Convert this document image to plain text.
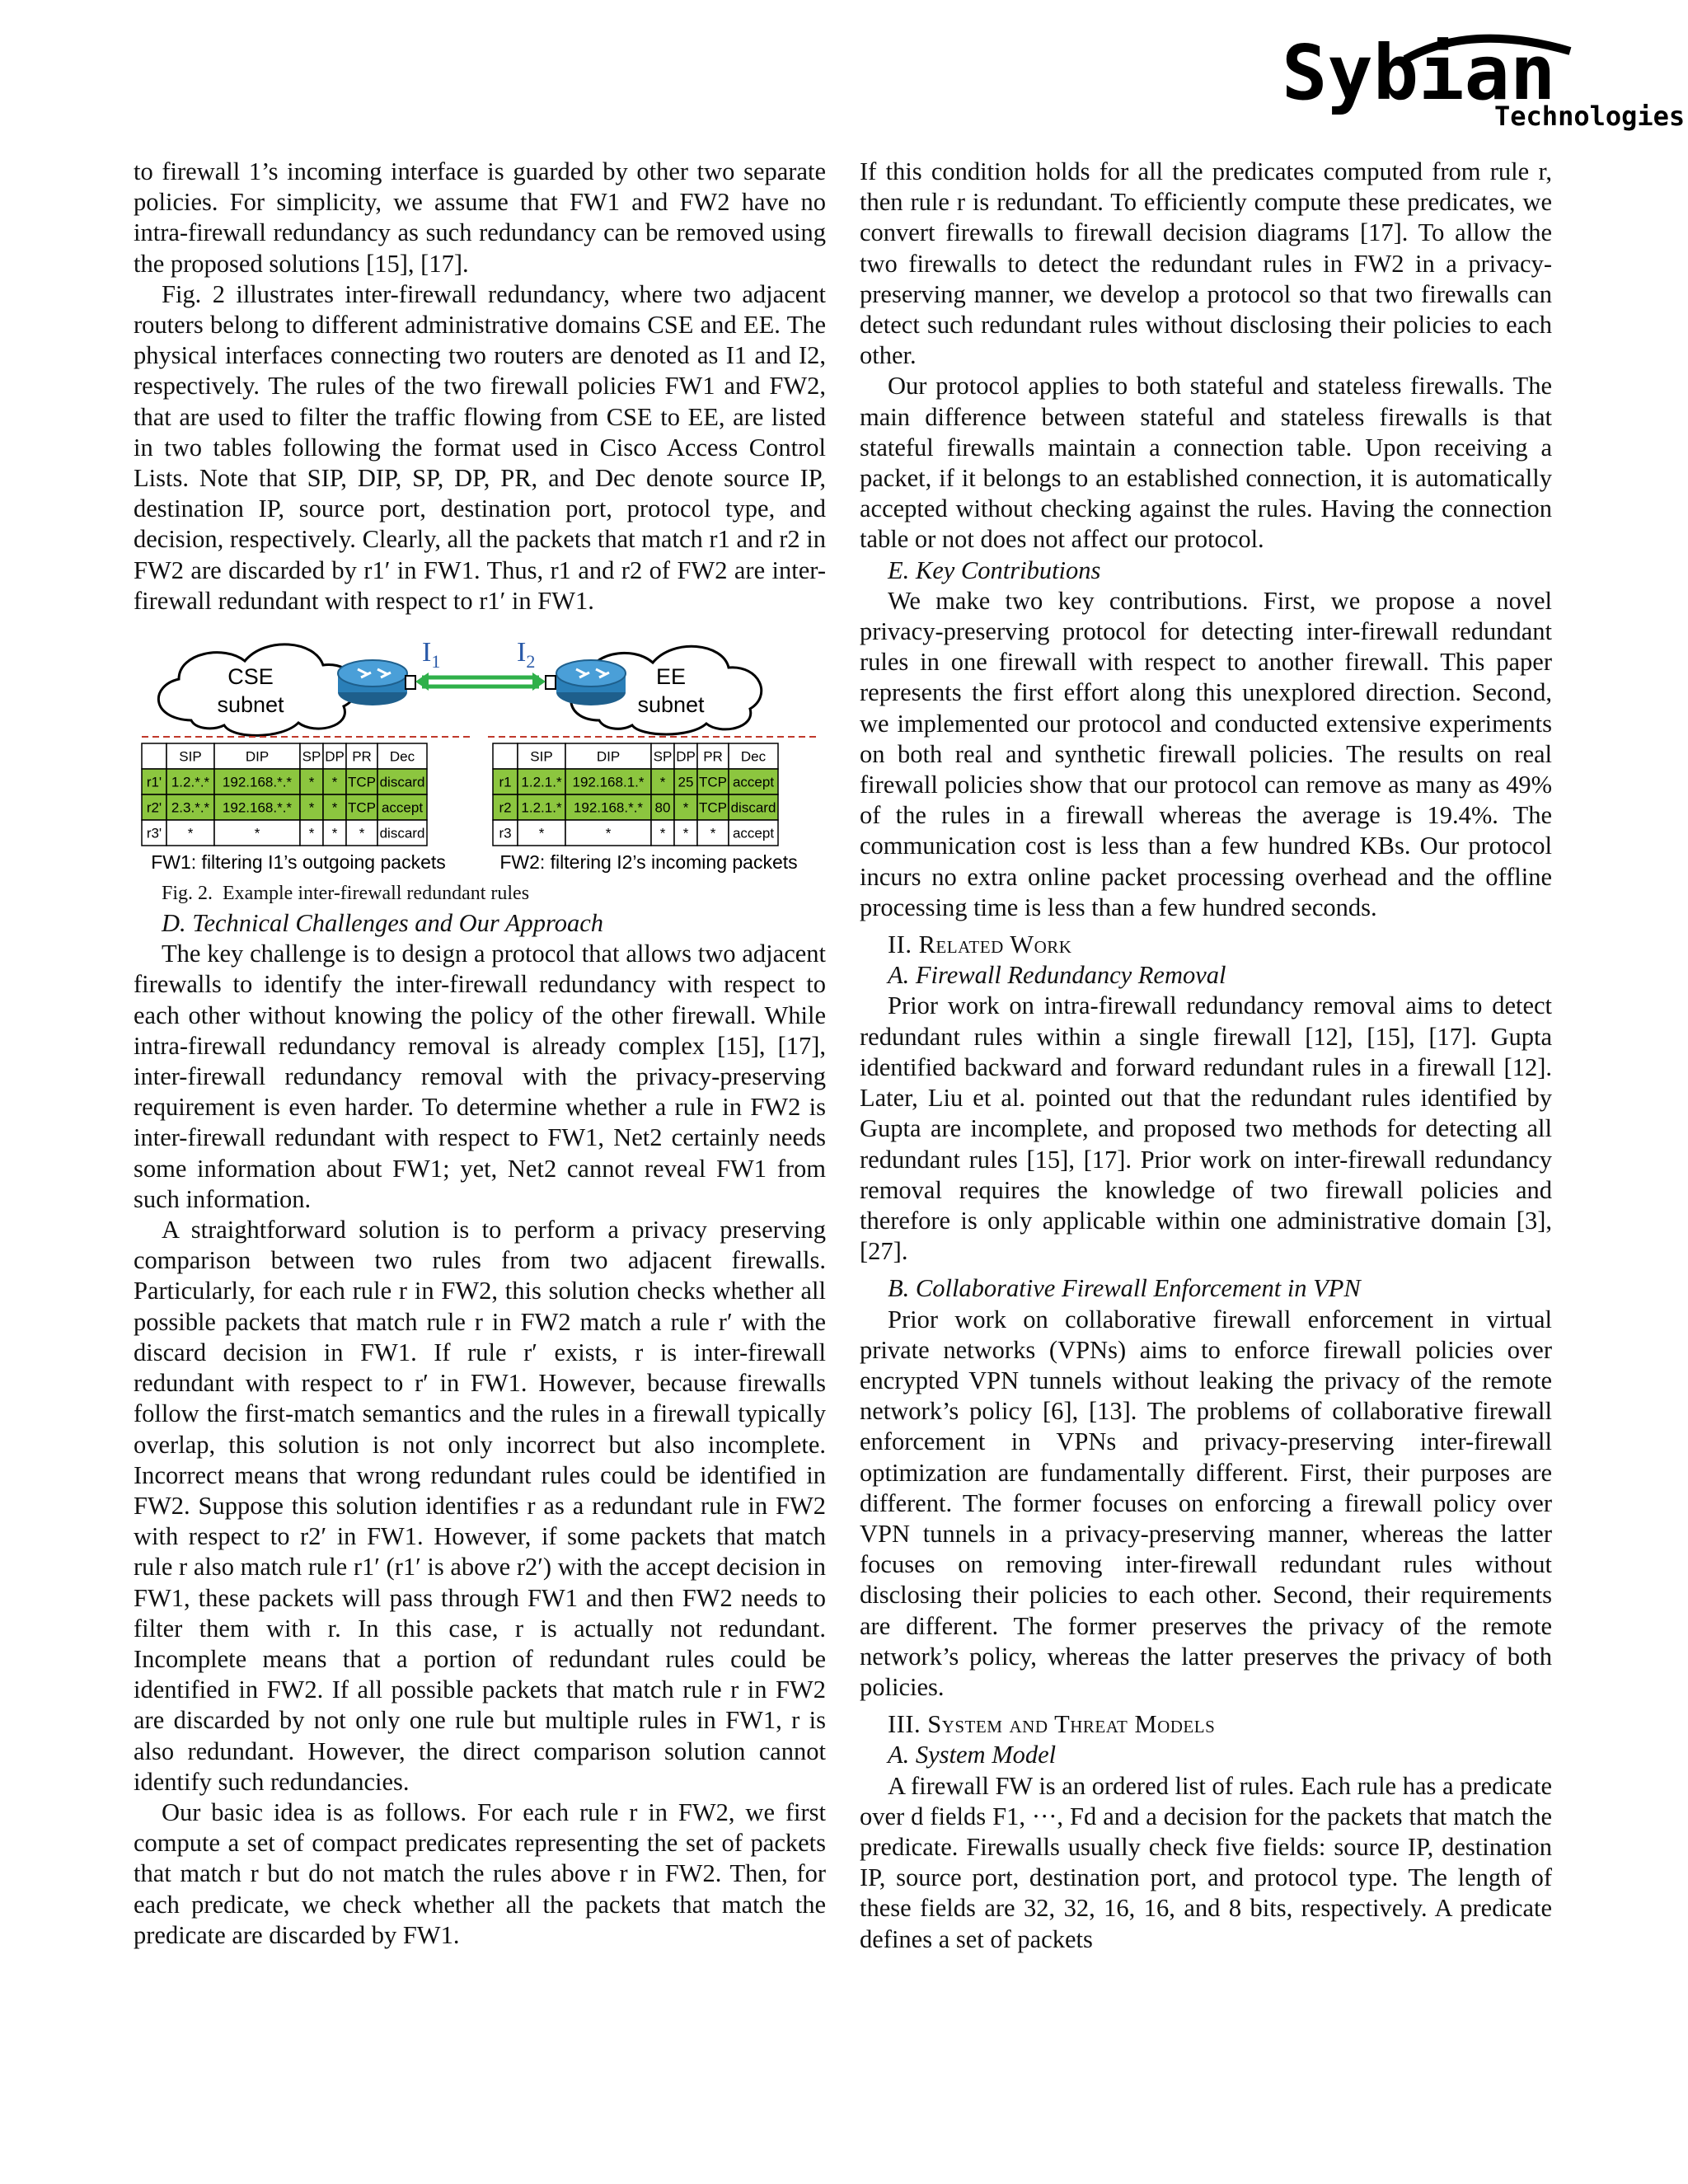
Sybian
Technologies

to firewall 1’s incoming interface is guarded by other two separate policies. For simplicity, we assume that FW1 and FW2 have no intra-firewall redundancy as such redundancy can be removed using the proposed solutions [15], [17].

Fig. 2 illustrates inter-firewall redundancy, where two adjacent routers belong to different administrative domains CSE and EE. The physical interfaces connecting two routers are denoted as I1 and I2, respectively. The rules of the two firewall policies FW1 and FW2, that are used to filter the traffic flowing from CSE to EE, are listed in two tables following the format used in Cisco Access Control Lists. Note that SIP, DIP, SP, DP, PR, and Dec denote source IP, destination IP, source port, destination port, protocol type, and decision, respectively. Clearly, all the packets that match r1 and r2 in FW2 are discarded by r1′ in FW1. Thus, r1 and r2 of FW2 are inter-firewall redundant with respect to r1′ in FW1.

CSE
subnet
EE
subnet
$I_1$	$I_2$
SIP	DIP SP DP PR Dec
r1' 1.2.*.* 192.168.*.* * * TCP discard
r2' 2.3.*.* 192.168.*.* * * TCP accept
r3' *	*	* * * discard
SIP	DIP SP DP PR Dec
r1 1.2.1.* 192.168.1.* * 25 TCP accept
r2 1.2.1.* 192.168.*.* 80 * TCP discard
r3 *	*	* * * accept
FW1: filtering I1’s outgoing packets	FW2: filtering I2’s incoming packets

Fig. 2. Example inter-firewall redundant rules

D. Technical Challenges and Our Approach

The key challenge is to design a protocol that allows two adjacent firewalls to identify the inter-firewall redundancy with respect to each other without knowing the policy of the other firewall. While intra-firewall redundancy removal is already complex [15], [17], inter-firewall redundancy removal with the privacy-preserving requirement is even harder. To determine whether a rule in FW2 is inter-firewall redundant with respect to FW1, Net2 certainly needs some information about FW1; yet, Net2 cannot reveal FW1 from such information.

A straightforward solution is to perform a privacy preserving comparison between two rules from two adjacent firewalls. Particularly, for each rule r in FW2, this solution checks whether all possible packets that match rule r in FW2 match a rule r′ with the discard decision in FW1. If rule r′ exists, r is inter-firewall redundant with respect to r′ in FW1. However, because firewalls follow the first-match semantics and the rules in a firewall typically overlap, this solution is not only incorrect but also incomplete. Incorrect means that wrong redundant rules could be identified in FW2. Suppose this solution identifies r as a redundant rule in FW2 with respect to r2′ in FW1. However, if some packets that match rule r also match rule r1′ (r1′ is above r2′) with the accept decision in FW1, these packets will pass through FW1 and then FW2 needs to filter them with r. In this case, r is actually not redundant. Incomplete means that a portion of redundant rules could be identified in FW2. If all possible packets that match rule r in FW2 are discarded by not only one rule but multiple rules in FW1, r is also redundant. However, the direct comparison solution cannot identify such redundancies.

Our basic idea is as follows. For each rule r in FW2, we first compute a set of compact predicates representing the set of packets that match r but do not match the rules above r in FW2. Then, for each predicate, we check whether all the packets that match the predicate are discarded by FW1.

If this condition holds for all the predicates computed from rule r, then rule r is redundant. To efficiently compute these predicates, we convert firewalls to firewall decision diagrams [17]. To allow the two firewalls to detect the redundant rules in FW2 in a privacy-preserving manner, we develop a protocol so that two firewalls can detect such redundant rules without disclosing their policies to each other.

Our protocol applies to both stateful and stateless firewalls. The main difference between stateful and stateless firewalls is that stateful firewalls maintain a connection table. Upon receiving a packet, if it belongs to an established connection, it is automatically accepted without checking against the rules. Having the connection table or not does not affect our protocol.

E. Key Contributions

We make two key contributions. First, we propose a novel privacy-preserving protocol for detecting inter-firewall redundant rules in one firewall with respect to another firewall. This paper represents the first effort along this unexplored direction. Second, we implemented our protocol and conducted extensive experiments on both real and synthetic firewall policies. The results on real firewall policies show that our protocol can remove as many as 49% of the rules in a firewall whereas the average is 19.4%. The communication cost is less than a few hundred KBs. Our protocol incurs no extra online packet processing overhead and the offline processing time is less than a few hundred seconds.

II. Related Work

A. Firewall Redundancy Removal

Prior work on intra-firewall redundancy removal aims to detect redundant rules within a single firewall [12], [15], [17]. Gupta identified backward and forward redundant rules in a firewall [12]. Later, Liu et al. pointed out that the redundant rules identified by Gupta are incomplete, and proposed two methods for detecting all redundant rules [15], [17]. Prior work on inter-firewall redundancy removal requires the knowledge of two firewall policies and therefore is only applicable within one administrative domain [3], [27].

B. Collaborative Firewall Enforcement in VPN

Prior work on collaborative firewall enforcement in virtual private networks (VPNs) aims to enforce firewall policies over encrypted VPN tunnels without leaking the privacy of the remote network’s policy [6], [13]. The problems of collaborative firewall enforcement in VPNs and privacy-preserving inter-firewall optimization are fundamentally different. First, their purposes are different. The former focuses on enforcing a firewall policy over VPN tunnels in a privacy-preserving manner, whereas the latter focuses on removing inter-firewall redundant rules without disclosing their policies to each other. Second, their requirements are different. The former preserves the privacy of the remote network’s policy, whereas the latter preserves the privacy of both policies.

III. System and Threat Models

A. System Model

A firewall FW is an ordered list of rules. Each rule has a predicate over d fields F1, ···, Fd and a decision for the packets that match the predicate. Firewalls usually check five fields: source IP, destination IP, source port, destination port, and protocol type. The length of these fields are 32, 32, 16, 16, and 8 bits, respectively. A predicate defines a set of packets
